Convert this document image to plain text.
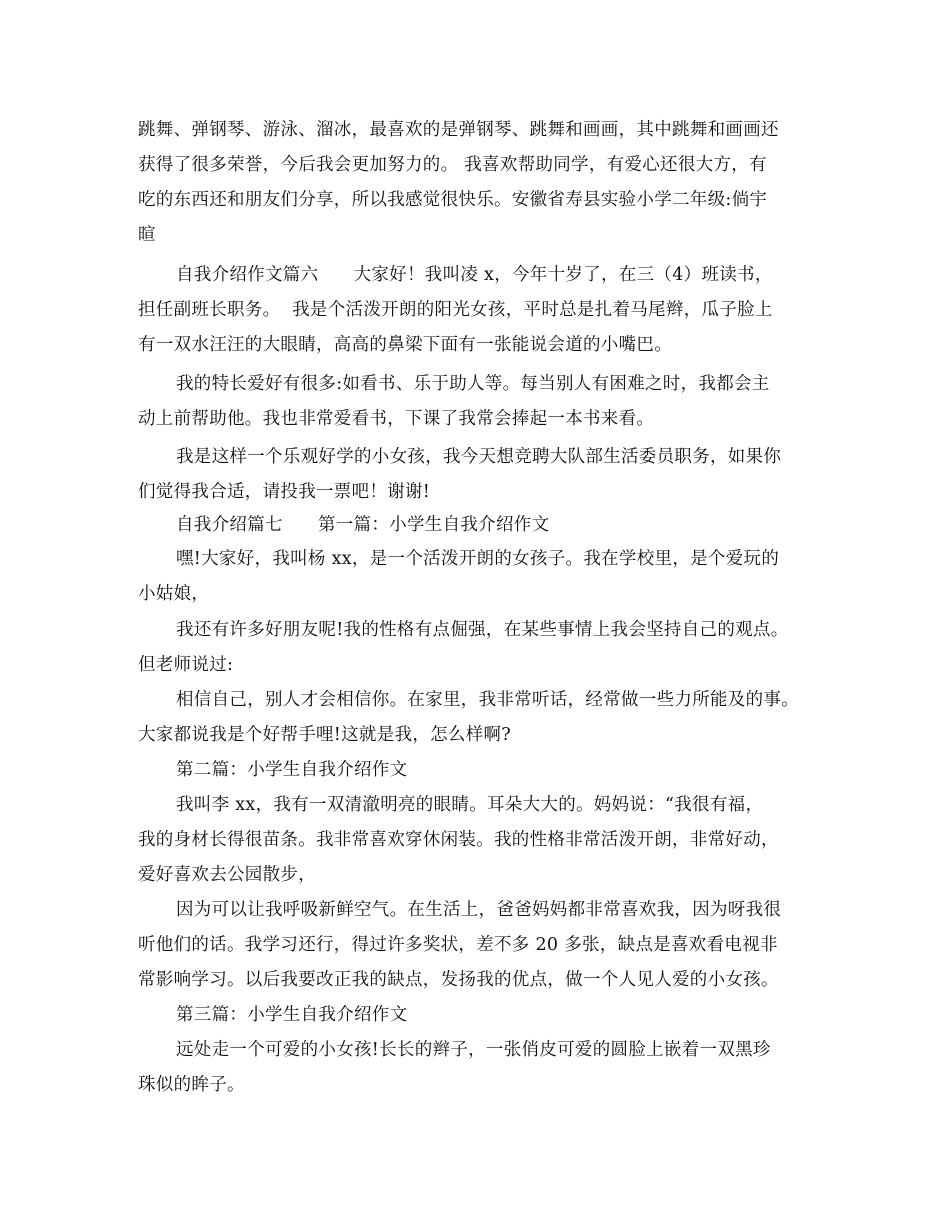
跳舞、弹钢琴、游泳、溜冰，最喜欢的是弹钢琴、跳舞和画画，其中跳舞和画画还
获得了很多荣誉，今后我会更加努力的。 我喜欢帮助同学，有爱心还很大方，有
吃的东西还和朋友们分享，所以我感觉很快乐。安徽省寿县实验小学二年级:倘宇
暄
自我介绍作文篇六      大家好！我叫凌 x，今年十岁了，在三（4）班读书，
担任副班长职务。  我是个活泼开朗的阳光女孩，平时总是扎着马尾辫，瓜子脸上
有一双水汪汪的大眼睛，高高的鼻梁下面有一张能说会道的小嘴巴。
我的特长爱好有很多:如看书、乐于助人等。每当别人有困难之时，我都会主
动上前帮助他。我也非常爱看书，下课了我常会捧起一本书来看。
我是这样一个乐观好学的小女孩，我今天想竞聘大队部生活委员职务，如果你
们觉得我合适，请投我一票吧！谢谢!
自我介绍篇七      第一篇：小学生自我介绍作文
嘿!大家好，我叫杨 xx，是一个活泼开朗的女孩子。我在学校里，是个爱玩的
小姑娘，
我还有许多好朋友呢!我的性格有点倔强，在某些事情上我会坚持自己的观点。
但老师说过:
相信自己，别人才会相信你。在家里，我非常听话，经常做一些力所能及的事。
大家都说我是个好帮手哩!这就是我，怎么样啊?
第二篇：小学生自我介绍作文
我叫李 xx，我有一双清澈明亮的眼睛。耳朵大大的。妈妈说：“我很有福，
我的身材长得很苗条。我非常喜欢穿休闲装。我的性格非常活泼开朗，非常好动，
爱好喜欢去公园散步，
因为可以让我呼吸新鲜空气。在生活上，爸爸妈妈都非常喜欢我，因为呀我很
听他们的话。我学习还行，得过许多奖状，差不多 20 多张，缺点是喜欢看电视非
常影响学习。以后我要改正我的缺点，发扬我的优点，做一个人见人爱的小女孩。
第三篇：小学生自我介绍作文
远处走一个可爱的小女孩!长长的辫子，一张俏皮可爱的圆脸上嵌着一双黑珍
珠似的眸子。
